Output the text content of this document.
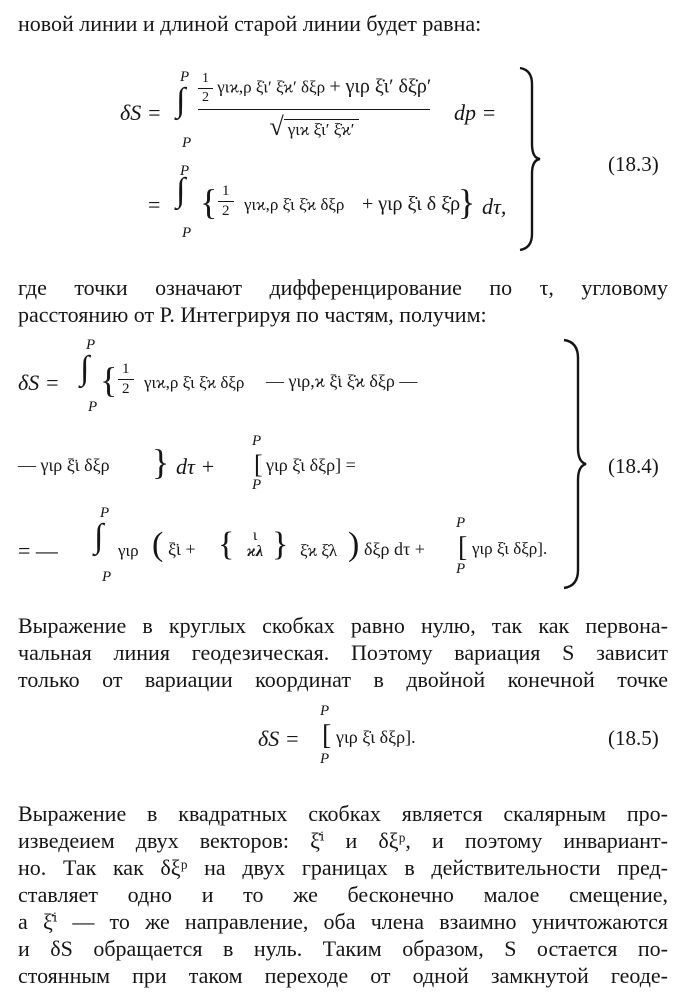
новой линии и длиной старой линии будет равна:
δS = ∫
P
P
$\frac{1}{2} \gamma\iota ϰ,\rho$ ξ̇ι′ ξ̇ϰ′ δξρ + γιρ ξ̇ι′ δξ̇ρ′
√ γιϰ ξ̇ι′ ξ̇ϰ′
dp =
∫
P
P
= { $\frac{1}{2} \gamma\iota ϰ,\rho$ ξ̇ι ξ̇ϰ δξρ + γιρ ξ̇ι δ ξ̇ρ
} dτ,
(18.3)
где точки означают дифференцирование по τ, угловому
расстоянию от P. Интегрируя по частям, получим:
δS = ∫
P
P
{ $\frac{1}{2} \gamma\iota ϰ,\rho$ ξ̇ι ξ̇ϰ δξρ — γιρ,ϰ ξ̈ι ξ̇ϰ δξρ —
— γιρ ξ̈ι δξρ } dτ +
P
P
[ γιρ ξ̇ι δξρ] =
= — ∫
P
P
γιρ ( ξ̈ι + {	ι
ϰλ } ξ̇ϰ ξ̇λ ) δξρ dτ +
P
P
[ γιρ ξ̇ι δξρ].
(18.4)
Выражение в круглых скобках равно нулю, так как первона-
чальная линия геодезическая. Поэтому вариация S зависит
только от вариации координат в двойной конечной точке
δS =
P
P
[ γιρ ξ̇ι δξρ].	(18.5)
Выражение в квадратных скобках является скалярным про-
изведеием двух векторов: ξ̇ⁱ и δξᵖ, и поэтому инвариант-
но. Так как δξᵖ на двух границах в действительности пред-
ставляет одно и то же бесконечно малое смещение,
а ξ̇ⁱ — то же направление, оба члена взаимно уничтожаются
и δS обращается в нуль. Таким образом, S остается по-
стоянным при таком переходе от одной замкнутой геоде-
